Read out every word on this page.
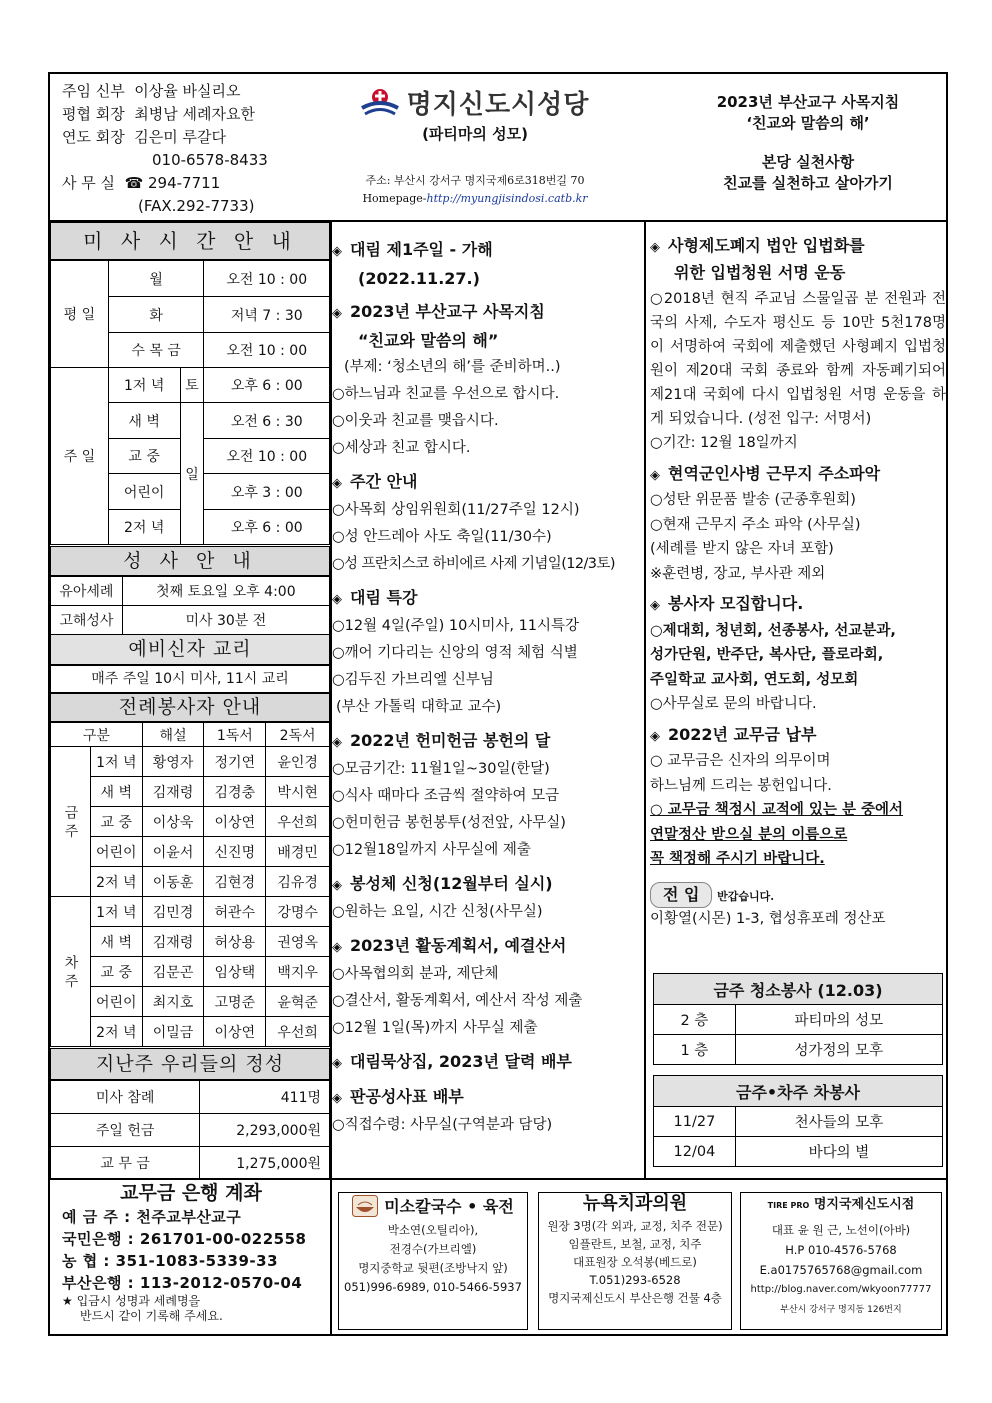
주임 신부 이상율 바실리오
평협 회장 최병남 세례자요한
연도 회장 김은미 루갈다
010-6578-8433
사 무 실 ☎ 294-7711
(FAX.292-7733)
명지신도시성당
(파티마의 성모)
주소: 부산시 강서구 명지국제6로318번길 70
Homepage-http://myungjisindosi.catb.kr
2023년 부산교구 사목지침
‘친교와 말씀의 해’
본당 실천사항
친교를 실천하고 살아가기
미 사 시 간 안 내
평 일	월		오전 10 : 00
	화		저녁 7 : 30
	수 목 금		오전 10 : 00
주 일	1저 녁	토	오후 6 : 00
	새 벽	일	오전 6 : 30
	교 중		오전 10 : 00
	어린이		오후 3 : 00
	2저 녁		오후 6 : 00
성 사 안 내
유아세례	첫째 토요일 오후 4:00
고해성사	미사 30분 전
예비신자 교리
매주 주일 10시 미사, 11시 교리
전례봉사자 안내
구분		해설	1독서	2독서
금 주	1저 녁	황영자	정기연	윤인경
	새 벽	김재령	김경충	박시현
	교 중	이상욱	이상연	우선희
	어린이	이윤서	신진명	배경민
	2저 녁	이동훈	김현경	김유경
차 주	1저 녁	김민경	허관수	강명수
	새 벽	김재령	허상용	권영옥
	교 중	김문곤	임상택	백지우
	어린이	최지호	고명준	윤혁준
	2저 녁	이밀금	이상연	우선희
지난주 우리들의 정성
미사 참례	411명
주일 헌금	2,293,000원
교 무 금	1,275,000원
교무금 은행 계좌
예 금 주 : 천주교부산교구
국민은행 : 261701-00-022558
농 협 : 351-1083-5339-33
부산은행 : 113-2012-0570-04
★ 입금시 성명과 세례명을
반드시 같이 기록해 주세요.
◈ 대림 제1주일 - 가해
(2022.11.27.)
◈ 2023년 부산교구 사목지침
“친교와 말씀의 해”
(부제: ‘청소년의 해’를 준비하며..)
○하느님과 친교를 우선으로 합시다.
○이웃과 친교를 맺읍시다.
○세상과 친교 합시다.
◈ 주간 안내
○사목회 상임위원회(11/27주일 12시)
○성 안드레아 사도 축일(11/30수)
○성 프란치스코 하비에르 사제 기념일(12/3토)
◈ 대림 특강
○12월 4일(주일) 10시미사, 11시특강
○깨어 기다리는 신앙의 영적 체험 식별
○김두진 가브리엘 신부님
(부산 가톨릭 대학교 교수)
◈ 2022년 헌미헌금 봉헌의 달
○모금기간: 11월1일~30일(한달)
○식사 때마다 조금씩 절약하여 모금
○헌미헌금 봉헌봉투(성전앞, 사무실)
○12월18일까지 사무실에 제출
◈ 봉성체 신청(12월부터 실시)
○원하는 요일, 시간 신청(사무실)
◈ 2023년 활동계획서, 예결산서
○사목협의회 분과, 제단체
○결산서, 활동계획서, 예산서 작성 제출
○12월 1일(목)까지 사무실 제출
◈ 대림묵상집, 2023년 달력 배부
◈ 판공성사표 배부
○직접수령: 사무실(구역분과 담당)
◈ 사형제도폐지 법안 입법화를
위한 입법청원 서명 운동
○2018년 현직 주교님 스물일곱 분 전원과 전국의 사제, 수도자 평신도 등 10만 5천178명이 서명하여 국회에 제출했던 사형폐지 입법청원이 제20대 국회 종료와 함께 자동폐기되어 제21대 국회에 다시 입법청원 서명 운동을 하게 되었습니다. (성전 입구: 서명서)
○기간: 12월 18일까지
◈ 현역군인사병 근무지 주소파악
○성탄 위문품 발송 (군종후원회)
○현재 근무지 주소 파악 (사무실)
(세례를 받지 않은 자녀 포함)
※훈련병, 장교, 부사관 제외
◈ 봉사자 모집합니다.
○제대회, 청년회, 선종봉사, 선교분과,
성가단원, 반주단, 복사단, 플로라회,
주일학교 교사회, 연도회, 성모회
○사무실로 문의 바랍니다.
◈ 2022년 교무금 납부
○ 교무금은 신자의 의무이며
하느님께 드리는 봉헌입니다.
○ 교무금 책정시 교적에 있는 분 중에서
연말정산 받으실 분의 이름으로
꼭 책정해 주시기 바랍니다.
전 입 반갑습니다.
이황열(시몬) 1-3, 협성휴포레 정산포
금주 청소봉사 (12.03)	
2 층	파티마의 성모
1 층	성가정의 모후
금주•차주 차봉사	
11/27	천사들의 모후
12/04	바다의 별
미소칼국수 • 육전
박소연(오틸리아),
전경수(가브리엘)
명지중학교 뒷편(조방낙지 앞)
051)996-6989, 010-5466-5937
뉴욕치과의원
원장 3명(각 외과, 교정, 치주 전문)
임플란트, 보철, 교정, 치주
대표원장 오석봉(베드로)
T.051)293-6528
명지국제신도시 부산은행 건물 4층
TIRE PRO 명지국제신도시점
대표 윤 원 근, 노선이(아바)
H.P 010-4576-5768
E.a0175765768@gmail.com
http://blog.naver.com/wkyoon77777
부산시 강서구 명지동 126번지
